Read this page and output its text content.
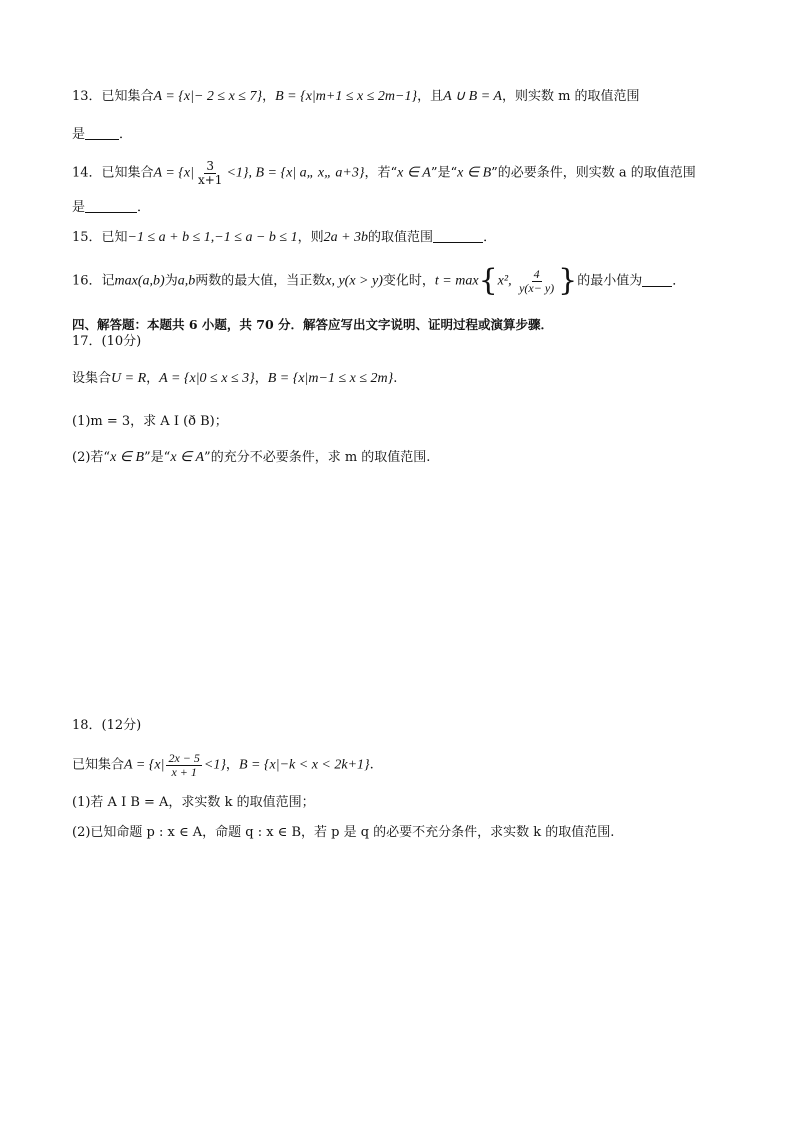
13．已知集合A = {x|− 2 ≤ x ≤ 7}，B = {x|m+1 ≤ x ≤ 2m−1}，且A ∪ B = A，则实数 m 的取值范围
是	．
14．已知集合$A = \{x| \frac{3}{x+1} <1\}$, B = {x| a„ x„ a+3}，若“x ∈ A”是“x ∈ B”的必要条件，则实数 a 的取值范围
是	．
15．已知−1 ≤ a + b ≤ 1,−1 ≤ a − b ≤ 1，则2a + 3b的取值范围	．
16．记max(a,b)为a,b两数的最大值，当正数x, y(x > y)变化时，t = max{x², $\frac{4}{y(x- y)}$ }的最小值为 ．
四、解答题：本题共 6 小题，共 70 分．解答应写出文字说明、证明过程或演算步骤．
17．(10分)
设集合U = R，A = {x|0 ≤ x ≤ 3}，B = {x|m−1 ≤ x ≤ 2m}.
(1)m = 3，求 A I (ð B)；
(2)若“x ∈ B”是“x ∈ A”的充分不必要条件，求 m 的取值范围.
18．(12分)
已知集合$A = \{x| \frac{2x - 5}{x + 1} <1\}$，B = {x|−k < x < 2k+1}.
(1)若 A I B = A，求实数 k 的取值范围；
(2)已知命题 p : x ∈ A，命题 q : x ∈ B，若 p 是 q 的必要不充分条件，求实数 k 的取值范围.
